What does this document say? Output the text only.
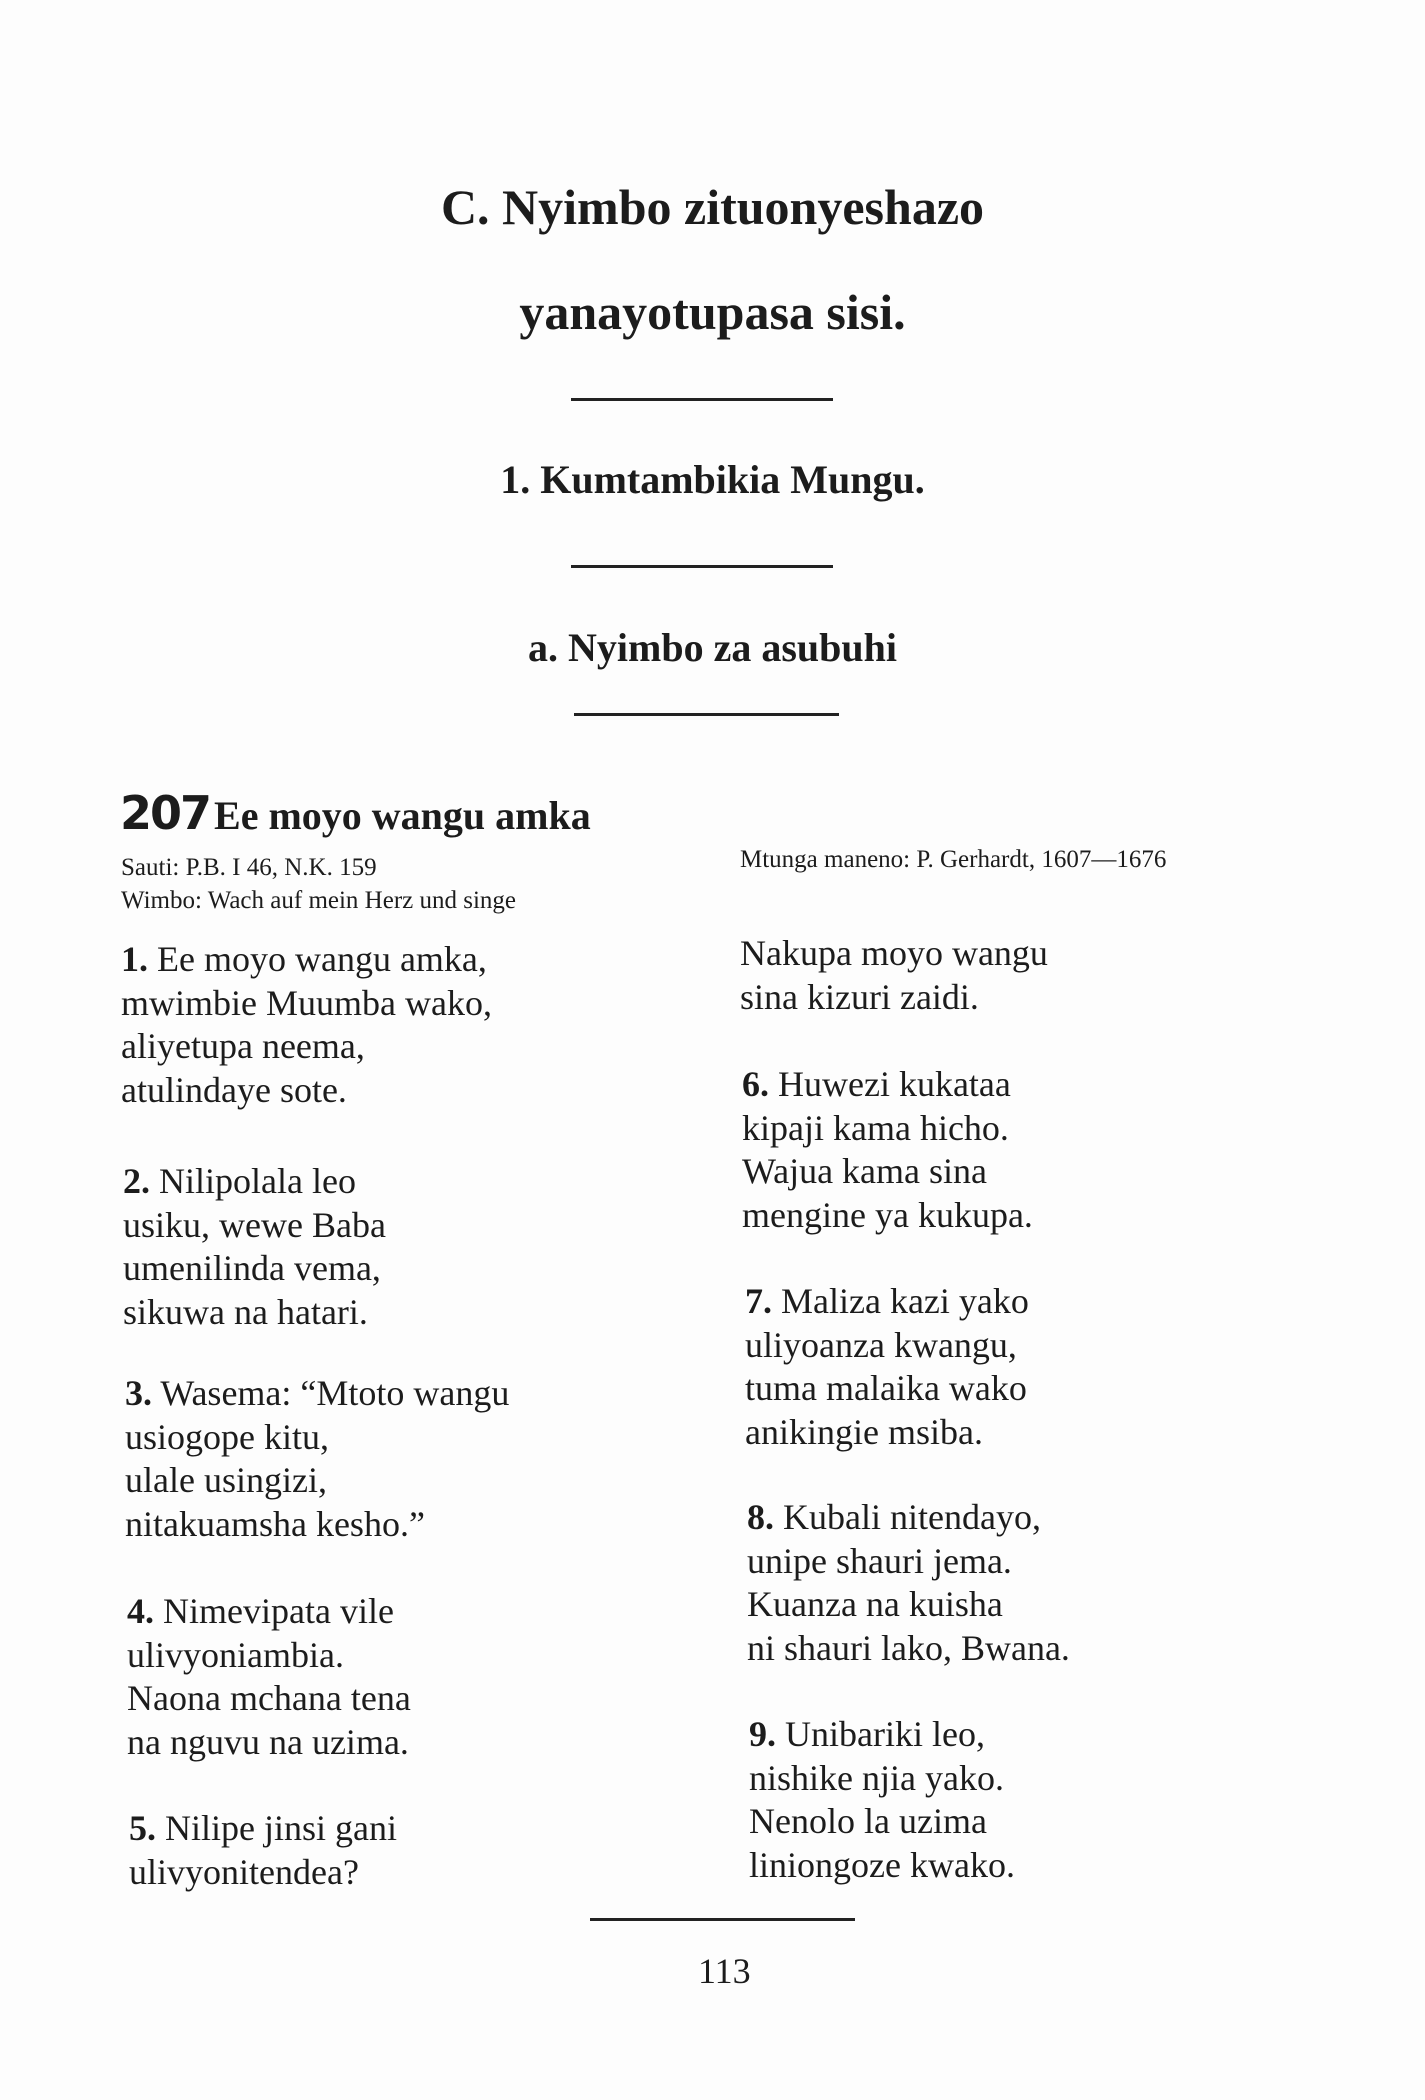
C. Nyimbo zituonyeshazo
yanayotupasa sisi.
1. Kumtambikia Mungu.
a. Nyimbo za asubuhi
207 Ee moyo wangu amka
Sauti: P.B. I 46, N.K. 159
Wimbo: Wach auf mein Herz und singe
Mtunga maneno: P. Gerhardt, 1607—1676
1. Ee moyo wangu amka,
mwimbie Muumba wako,
aliyetupa neema,
atulindaye sote.
2. Nilipolala leo
usiku, wewe Baba
umenilinda vema,
sikuwa na hatari.
3. Wasema: “Mtoto wangu
usiogope kitu,
ulale usingizi,
nitakuamsha kesho.”
4. Nimevipata vile
ulivyoniambia.
Naona mchana tena
na nguvu na uzima.
5. Nilipe jinsi gani
ulivyonitendea?
Nakupa moyo wangu
sina kizuri zaidi.
6. Huwezi kukataa
kipaji kama hicho.
Wajua kama sina
mengine ya kukupa.
7. Maliza kazi yako
uliyoanza kwangu,
tuma malaika wako
anikingie msiba.
8. Kubali nitendayo,
unipe shauri jema.
Kuanza na kuisha
ni shauri lako, Bwana.
9. Unibariki leo,
nishike njia yako.
Nenolo la uzima
liniongoze kwako.
113
